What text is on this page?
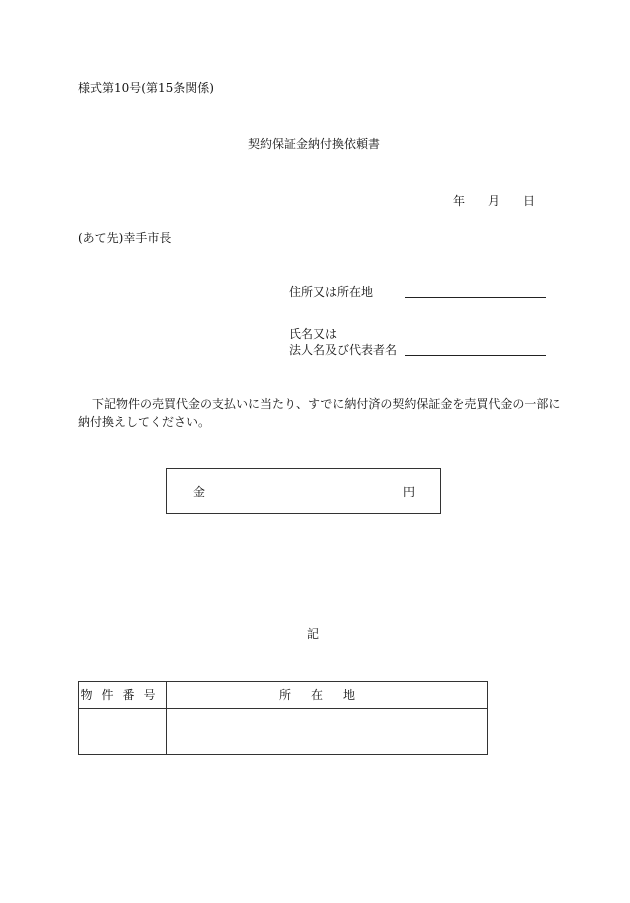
様式第10号(第15条関係)
契約保証金納付換依頼書
年 月 日
(あて先)幸手市長
住所又は所在地
氏名又は
法人名及び代表者名
下記物件の売買代金の支払いに当たり、すでに納付済の契約保証金を売買代金の一部に
納付換えしてください。
金	円
記
物件番号	所在地
